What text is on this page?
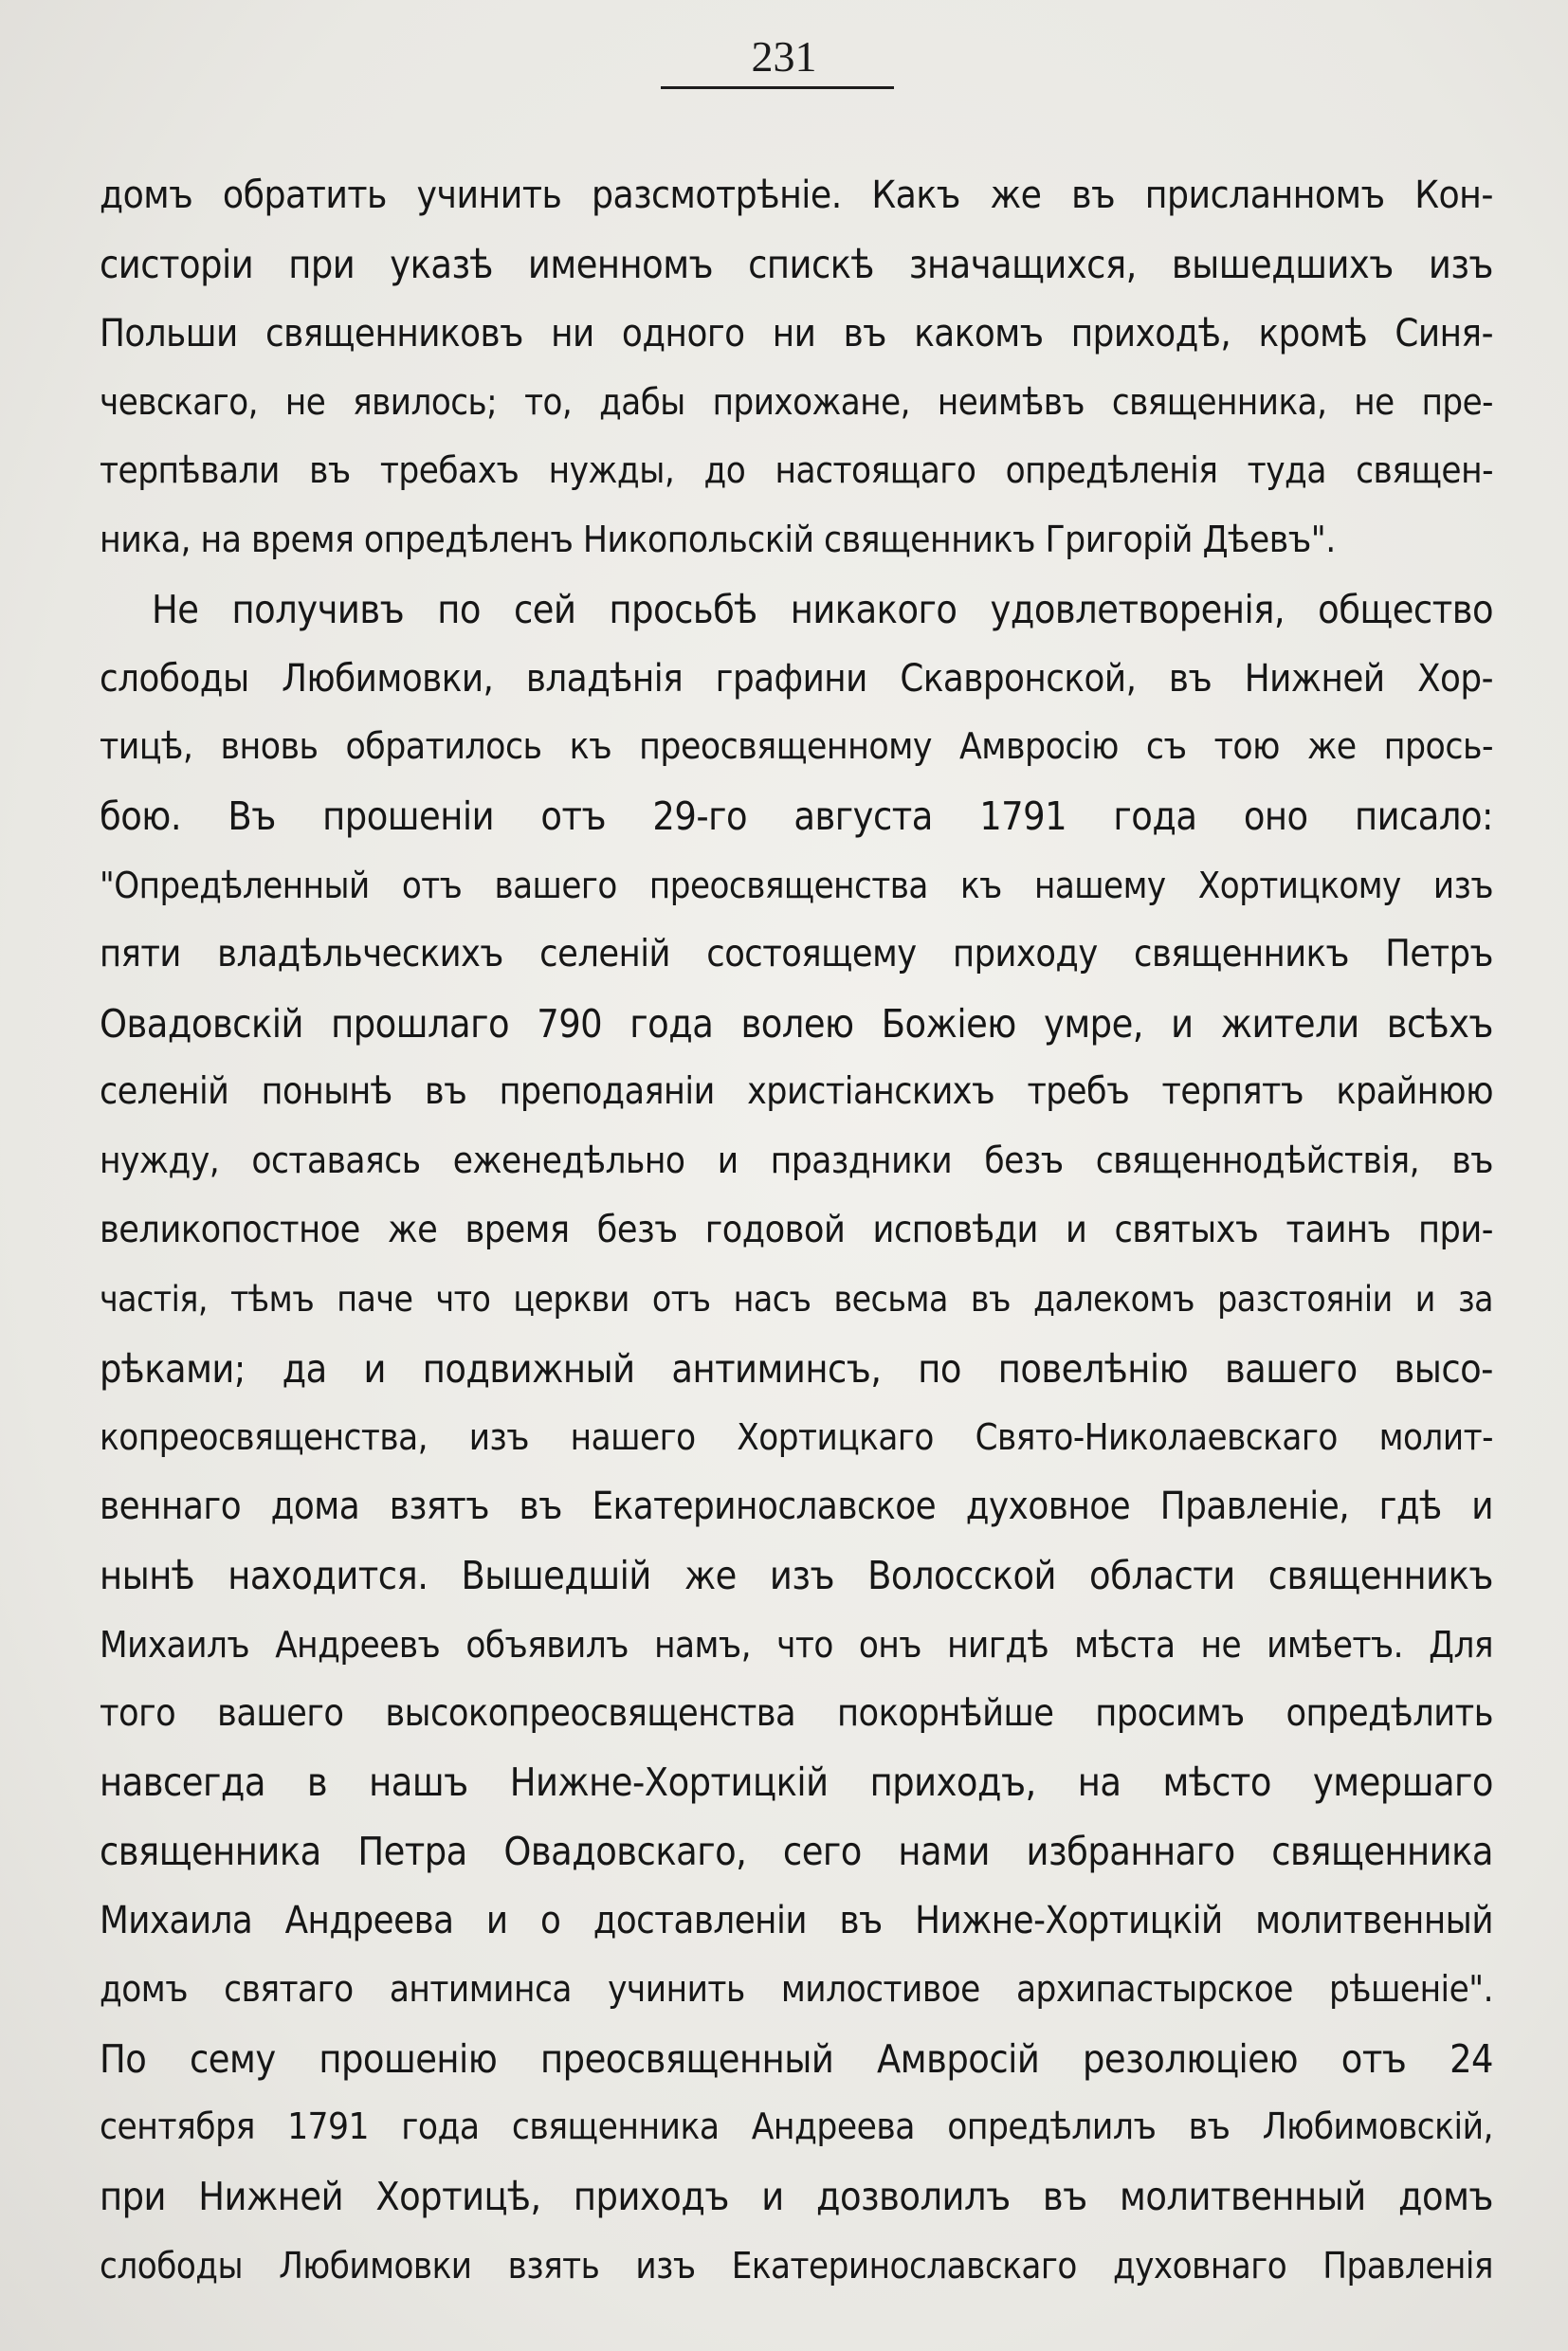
231
домъ обратить учинить разсмотрѣніе. Какъ же въ присланномъ Кон-
систоріи при указѣ именномъ спискѣ значащихся, вышедшихъ изъ
Польши священниковъ ни одного ни въ какомъ приходѣ, кромѣ Синя-
чевскаго, не явилось; то, дабы прихожане, неимѣвъ священника, не пре-
терпѣвали въ требахъ нужды, до настоящаго опредѣленія туда священ-
ника, на время опредѣленъ Никопольскій священникъ Григорій Дѣевъ".
Не получивъ по сей просьбѣ никакого удовлетворенія, общество
слободы Любимовки, владѣнія графини Скавронской, въ Нижней Хор-
тицѣ, вновь обратилось къ преосвященному Амвросію съ тою же прось-
бою. Въ прошеніи отъ 29-го августа 1791 года оно писало:
"Опредѣленный отъ вашего преосвященства къ нашему Хортицкому изъ
пяти владѣльческихъ селеній состоящему приходу священникъ Петръ
Овадовскій прошлаго 790 года волею Божіею умре, и жители всѣхъ
селеній понынѣ въ преподаяніи христіанскихъ требъ терпятъ крайнюю
нужду, оставаясь еженедѣльно и праздники безъ священнодѣйствія, въ
великопостное же время безъ годовой исповѣди и святыхъ таинъ при-
частія, тѣмъ паче что церкви отъ насъ весьма въ далекомъ разстояніи и за
рѣками; да и подвижный антиминсъ, по повелѣнію вашего высо-
копреосвященства, изъ нашего Хортицкаго Свято-Николаевскаго молит-
веннаго дома взятъ въ Екатеринославское духовное Правленіе, гдѣ и
нынѣ находится. Вышедшій же изъ Волосской области священникъ
Михаилъ Андреевъ объявилъ намъ, что онъ нигдѣ мѣста не имѣетъ. Для
того вашего высокопреосвященства покорнѣйше просимъ опредѣлить
навсегда в нашъ Нижне-Хортицкій приходъ, на мѣсто умершаго
священника Петра Овадовскаго, сего нами избраннаго священника
Михаила Андреева и о доставленіи въ Нижне-Хортицкій молитвенный
домъ святаго антиминса учинить милостивое архипастырское рѣшеніе".
По сему прошенію преосвященный Амвросій резолюціею отъ 24
сентября 1791 года священника Андреева опредѣлилъ въ Любимовскій,
при Нижней Хортицѣ, приходъ и дозволилъ въ молитвенный домъ
слободы Любимовки взять изъ Екатеринославскаго духовнаго Правленія
